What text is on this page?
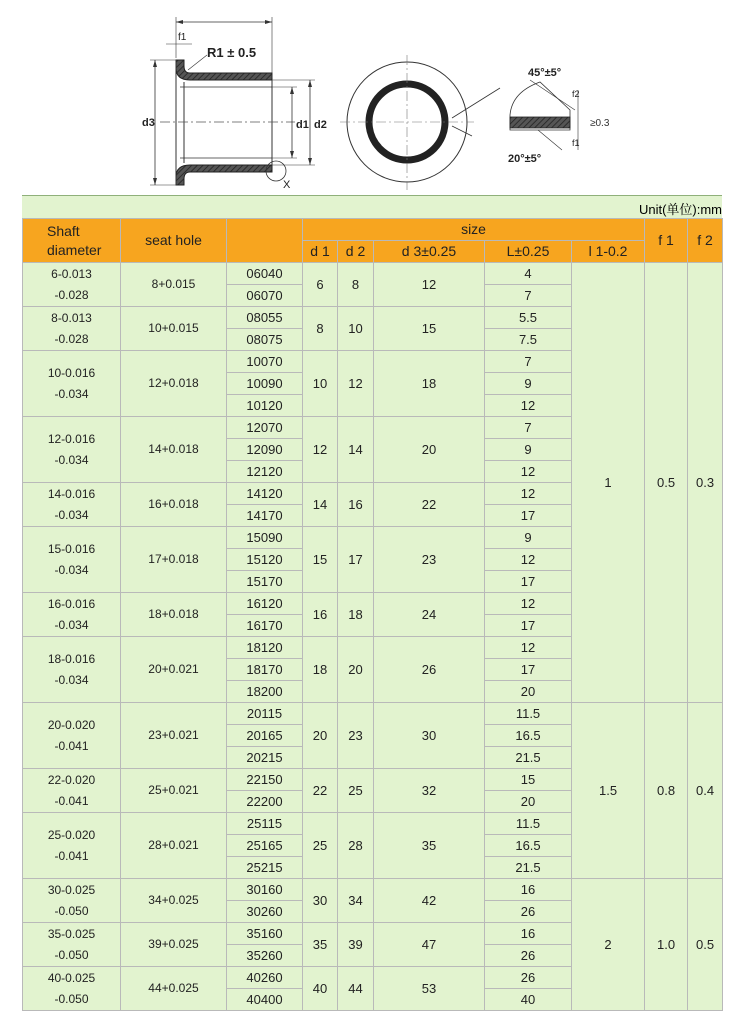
f1
R1 ± 0.5
d3	d1 d2
X
45°±5°
f2
≥0.3
f1
20°±5°
Unit(单位):mm
Shaft diameter	seat hole		size					f 1	f 2
			d 1	d 2	d 3±0.25	L±0.25	l 1-0.2		

6-0.013
-0.028	8+0.015	06040	6	8	12	4	1	0.5	0.3
		06070				7			

8-0.013
-0.028	10+0.015	08055	8	10	15	5.5			
		08075				7.5			

10-0.016
-0.034	12+0.018	10070	10	12	18	7			
		10090				9			
		10120				12			

12-0.016
-0.034	14+0.018	12070	12	14	20	7			
		12090				9			
		12120				12			

14-0.016
-0.034	16+0.018	14120	14	16	22	12			
		14170				17			

15-0.016
-0.034	17+0.018	15090	15	17	23	9			
		15120				12			
		15170				17			

16-0.016
-0.034	18+0.018	16120	16	18	24	12			
		16170				17			

18-0.016
-0.034	20+0.021	18120	18	20	26	12			
		18170				17			
		18200				20			

20-0.020
-0.041	23+0.021	20115	20	23	30	11.5	1.5	0.8	0.4
		20165				16.5			
		20215				21.5			

22-0.020
-0.041	25+0.021	22150	22	25	32	15			
		22200				20			

25-0.020
-0.041	28+0.021	25115	25	28	35	11.5			
		25165				16.5			
		25215				21.5			

30-0.025
-0.050	34+0.025	30160	30	34	42	16	2	1.0	0.5
		30260				26			

35-0.025
-0.050	39+0.025	35160	35	39	47	16			
		35260				26			

40-0.025
-0.050	44+0.025	40260	40	44	53	26			
		40400				40			
